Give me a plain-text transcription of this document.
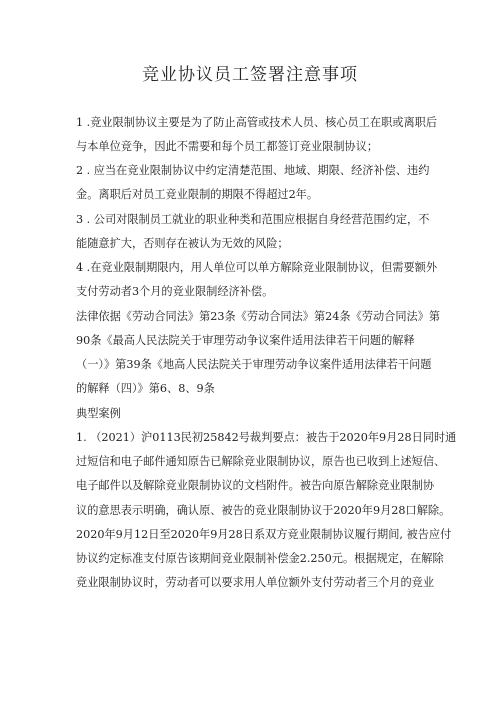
竞业协议员工签署注意事项
1 .竞业限制协议主要是为了防止高管或技术人员、核心员工在职或离职后
与本单位竞争，因此不需要和每个员工都签订竞业限制协议；
2 . 应当在竞业限制协议中约定清楚范围、地域、期限、经济补偿、违约
金。离职后对员工竞业限制的期限不得超过2年。
3 . 公司对限制员工就业的职业种类和范围应根据自身经营范围约定，不
能随意扩大，否则存在被认为无效的风险；
4 .在竞业限制期限内，用人单位可以单方解除竞业限制协议，但需要额外
支付劳动者3个月的竞业限制经济补偿。
法律依据《劳动合同法》第23条《劳动合同法》第24条《劳动合同法》第
90条《最高人民法院关于审理劳动争议案件适用法律若干问题的解释
（一）》第39条《地高人民法院关于审理劳动争议案件适用法律若干问题
的解释（四）》第6、8、9条
典型案例
1. （2021）沪0113民初25842号裁判要点：被告于2020年9月28日同时通
过短信和电子邮件通知原告已解除竞业限制协议，原告也已收到上述短信、
电子邮件以及解除竞业限制协议的文档附件。被告向原告解除竞业限制协
议的意思表示明确，确认原、被告的竞业限制协议于2020年9月28口解除。
2020年9月12日至2020年9月28日系双方竞业限制协议履行期间, 被告应付
协议约定标准支付原告该期间竞业限制补偿金2.250元。根据规定，在解除
竞业限制协议时，劳动者可以要求用人单位额外支付劳动者三个月的竞业
